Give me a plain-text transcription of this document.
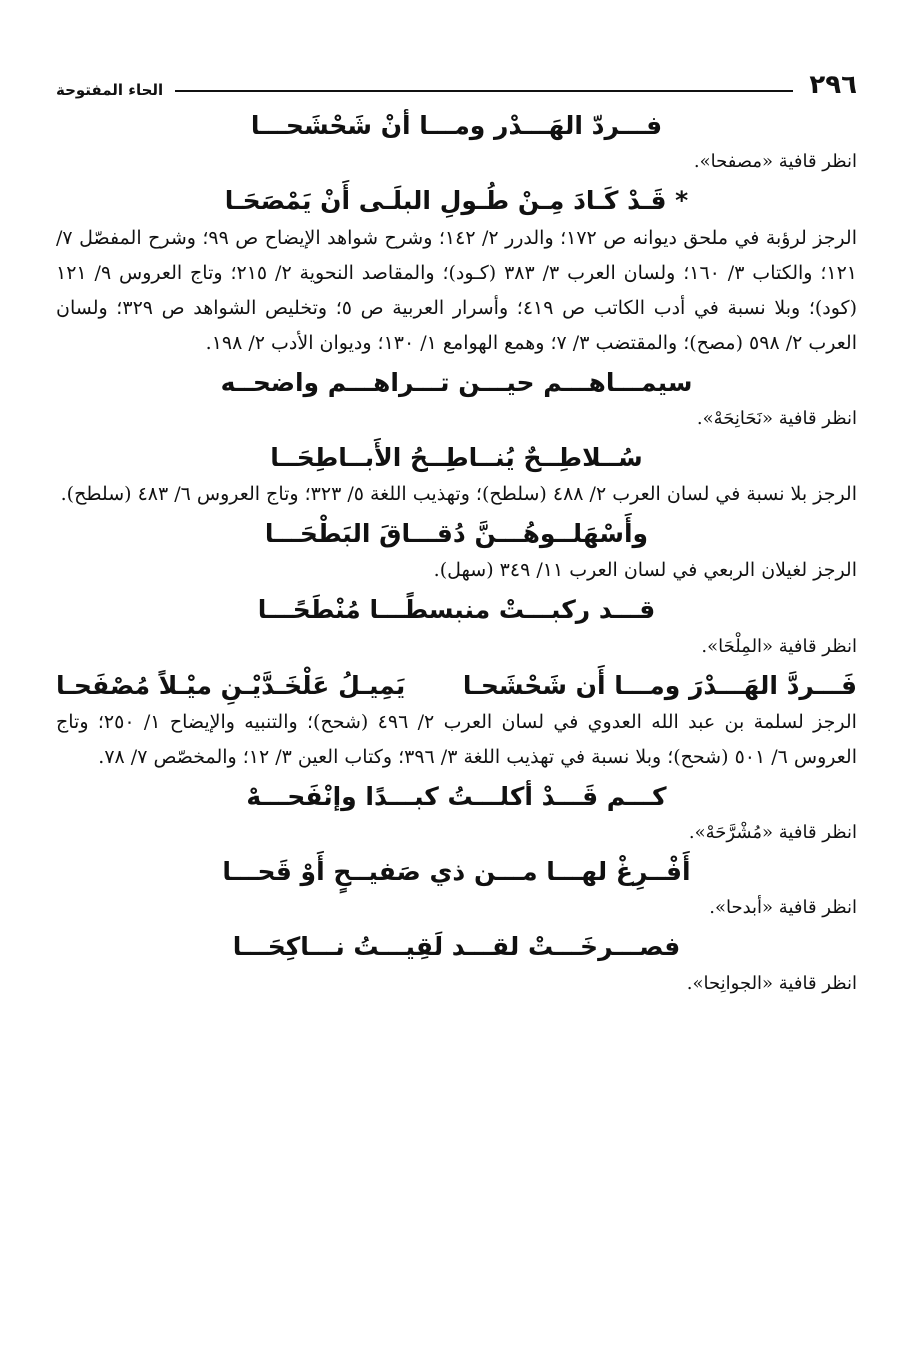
٢٩٦
الحاء المفتوحة
فـــردّ الهَـــدْر ومـــا أنْ شَحْشَحـــا
انظر قافية «مصفحا».
* قَـدْ كَـادَ مِـنْ طُـولِ البلَـى أَنْ يَمْصَحَـا
الرجز لرؤبة في ملحق ديوانه ص ١٧٢؛ والدرر ٢/ ١٤٢؛ وشرح شواهد الإيضاح ص ٩٩؛ وشرح المفصّل ٧/ ١٢١؛ والكتاب ٣/ ١٦٠؛ ولسان العرب ٣/ ٣٨٣ (كـود)؛ والمقاصد النحوية ٢/ ٢١٥؛ وتاج العروس ٩/ ١٢١ (كود)؛ وبلا نسبة في أدب الكاتب ص ٤١٩؛ وأسرار العربية ص ٥؛ وتخليص الشواهد ص ٣٢٩؛ ولسان العرب ٢/ ٥٩٨ (مصح)؛ والمقتضب ٣/ ٧؛ وهمع الهوامع ١/ ١٣٠؛ وديوان الأدب ٢/ ١٩٨.
سيمـــاهـــم حيـــن تـــراهـــم واضحــه
انظر قافية «نَحَانِحَهْ».
سُــلاطِــحٌ يُنــاطِــحُ الأَبــاطِحَــا
الرجز بلا نسبة في لسان العرب ٢/ ٤٨٨ (سلطح)؛ وتهذيب اللغة ٥/ ٣٢٣؛ وتاج العروس ٦/ ٤٨٣ (سلطح).
وأَسْهَلــوهُـــنَّ دُقـــاقَ البَطْحَـــا
الرجز لغيلان الربعي في لسان العرب ١١/ ٣٤٩ (سهل).
قـــد ركبـــتْ منبسطًـــا مُنْطَحًـــا
انظر قافية «المِلْحَا».
فَـــردَّ الهَـــدْرَ ومـــا أَن شَحْشَحـا
يَمِيـلُ عَلْخَـدَّيْـنِ ميْـلاً مُصْفَحـا
الرجز لسلمة بن عبد الله العدوي في لسان العرب ٢/ ٤٩٦ (شحح)؛ والتنبيه والإيضاح ١/ ٢٥٠؛ وتاج العروس ٦/ ٥٠١ (شحح)؛ وبلا نسبة في تهذيب اللغة ٣/ ٣٩٦؛ وكتاب العين ٣/ ١٢؛ والمخصّص ٧/ ٧٨.
كـــم قَـــدْ أكلـــتُ كبـــدًا وإنْفَحـــهْ
انظر قافية «مُشْرَّحَهْ».
أَفْــرِغْ لهـــا مـــن ذي صَفيــحٍ أَوْ قَحـــا
انظر قافية «أبدحا».
فصـــرخَـــتْ لقـــد لَقِيـــتُ نـــاكِحَـــا
انظر قافية «الجوانِحا».
